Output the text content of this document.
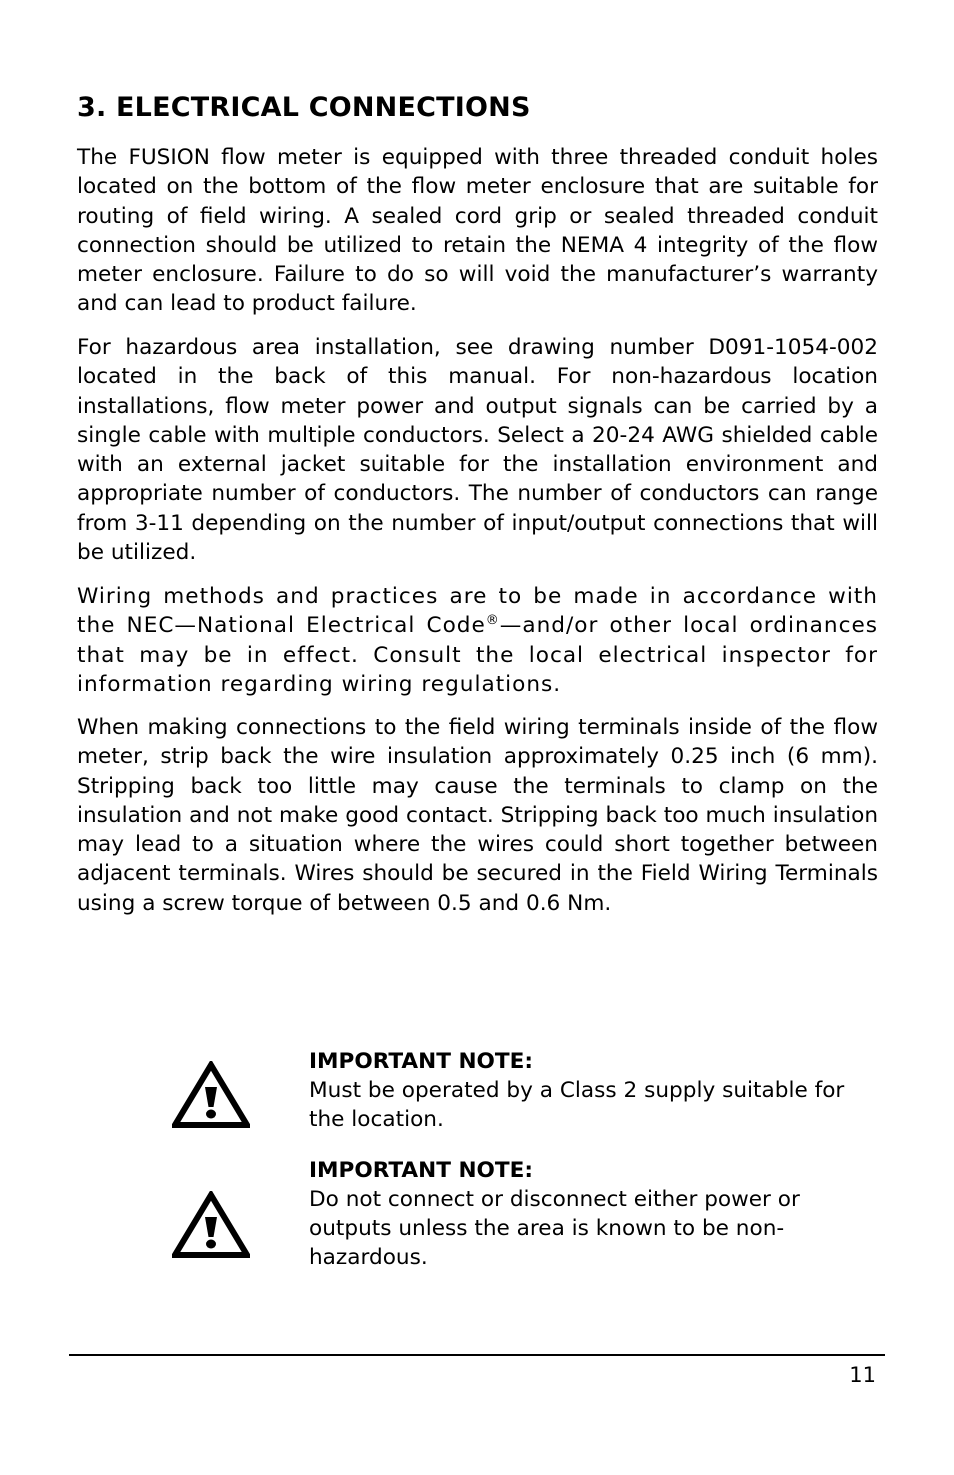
3. ELECTRICAL CONNECTIONS

The FUSION flow meter is equipped with three threaded conduit holes located on the bottom of the flow meter enclosure that are suitable for routing of field wiring. A sealed cord grip or sealed threaded conduit connection should be utilized to retain the NEMA 4 integrity of the flow meter enclosure. Failure to do so will void the manufacturer’s warranty and can lead to product failure.

For hazardous area installation, see drawing number D091-1054-002 located in the back of this manual. For non-hazardous location installations, flow meter power and output signals can be carried by a single cable with multiple conductors. Select a 20-24 AWG shielded cable with an external jacket suitable for the installation environment and appropriate number of conductors. The number of conductors can range from 3-11 depending on the number of input/output connections that will be utilized.

Wiring methods and practices are to be made in accordance with the NEC—National Electrical Code®—and/or other local ordinances that may be in effect. Consult the local electrical inspector for information regarding wiring regulations.

When making connections to the field wiring terminals inside of the flow meter, strip back the wire insulation approximately 0.25 inch (6 mm). Stripping back too little may cause the terminals to clamp on the insulation and not make good contact. Stripping back too much insulation may lead to a situation where the wires could short together between adjacent terminals. Wires should be secured in the Field Wiring Terminals using a screw torque of between 0.5 and 0.6 Nm.

IMPORTANT NOTE:
Must be operated by a Class 2 supply suitable for the location.
IMPORTANT NOTE:
Do not connect or disconnect either power or outputs unless the area is known to be non-hazardous.
11
